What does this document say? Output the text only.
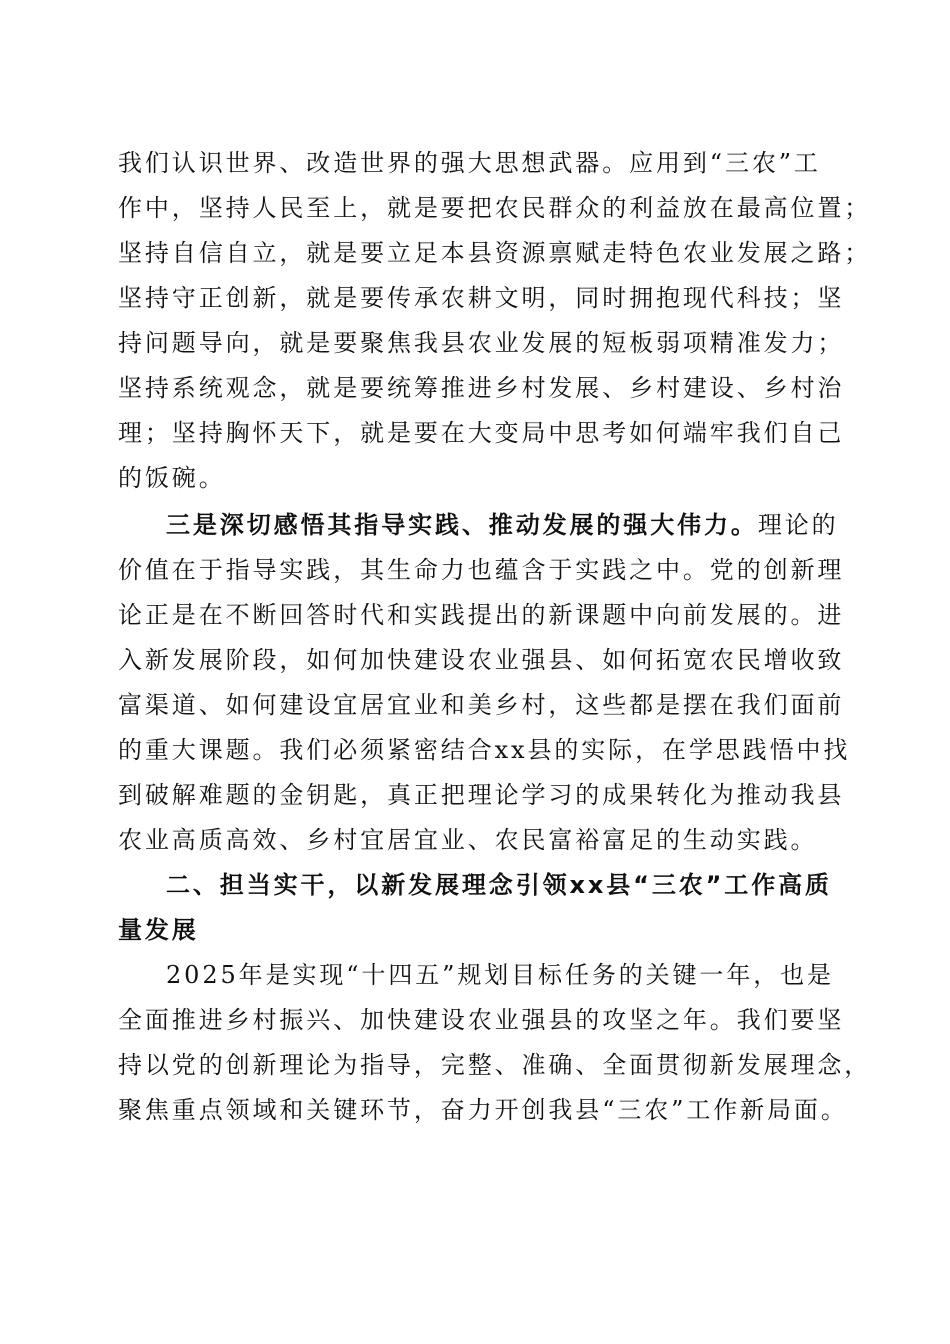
我们认识世界、改造世界的强大思想武器。应用到“三农”工
作中，坚持人民至上，就是要把农民群众的利益放在最高位置；
坚持自信自立，就是要立足本县资源禀赋走特色农业发展之路；
坚持守正创新，就是要传承农耕文明，同时拥抱现代科技；坚
持问题导向，就是要聚焦我县农业发展的短板弱项精准发力；
坚持系统观念，就是要统筹推进乡村发展、乡村建设、乡村治
理；坚持胸怀天下，就是要在大变局中思考如何端牢我们自己
的饭碗。
三是深切感悟其指导实践、推动发展的强大伟力。理论的
价值在于指导实践，其生命力也蕴含于实践之中。党的创新理
论正是在不断回答时代和实践提出的新课题中向前发展的。进
入新发展阶段，如何加快建设农业强县、如何拓宽农民增收致
富渠道、如何建设宜居宜业和美乡村，这些都是摆在我们面前
的重大课题。我们必须紧密结合xx县的实际，在学思践悟中找
到破解难题的金钥匙，真正把理论学习的成果转化为推动我县
农业高质高效、乡村宜居宜业、农民富裕富足的生动实践。
二、担当实干，以新发展理念引领xx县“三农”工作高质
量发展
2025年是实现“十四五”规划目标任务的关键一年，也是
全面推进乡村振兴、加快建设农业强县的攻坚之年。我们要坚
持以党的创新理论为指导，完整、准确、全面贯彻新发展理念，
聚焦重点领域和关键环节，奋力开创我县“三农”工作新局面。
